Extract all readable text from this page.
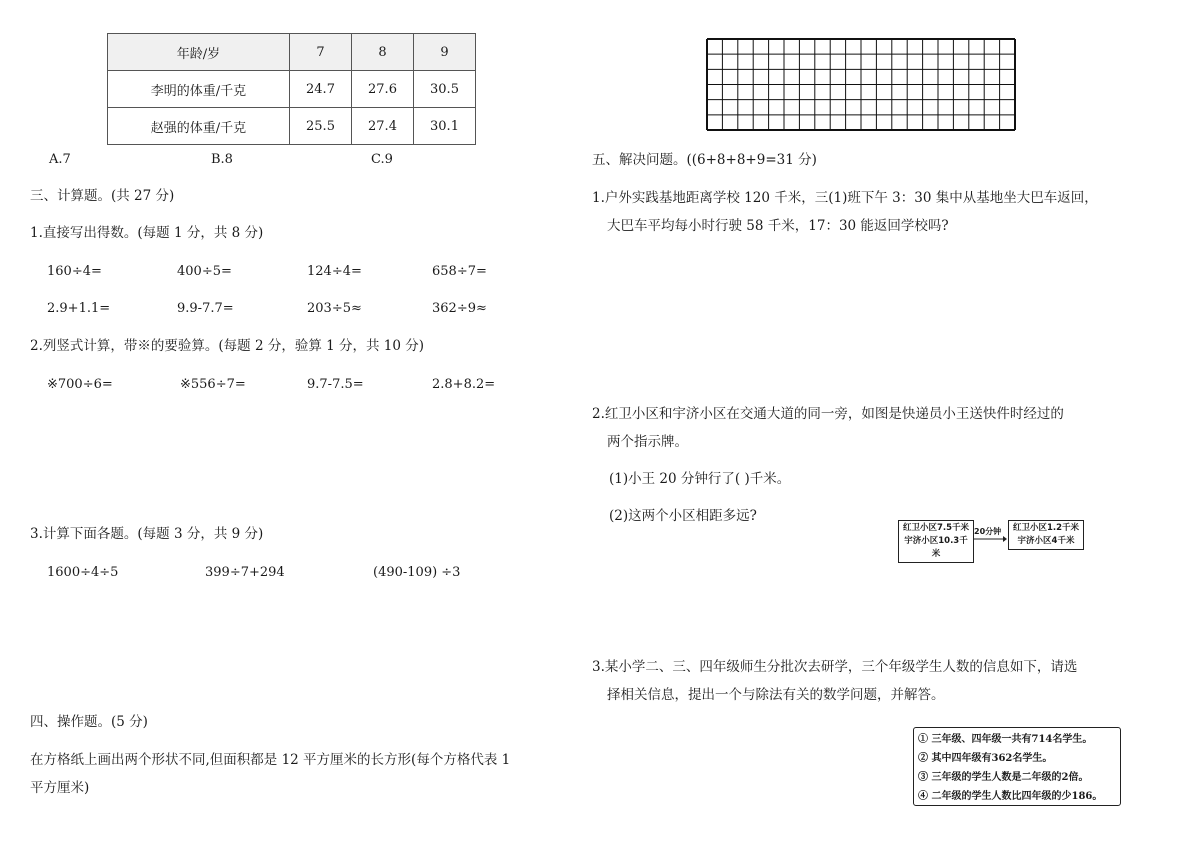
年龄/岁	7	8	9
李明的体重/千克	24.7	27.6	30.5
赵强的体重/千克	25.5	27.4	30.1
A.7	B.8	C.9
三、计算题。(共 27 分)
1.直接写出得数。(每题 1 分，共 8 分)
160÷4=	400÷5=	124÷4=	658÷7=
2.9+1.1=	9.9-7.7=	203÷5≈	362÷9≈
2.列竖式计算，带※的要验算。(每题 2 分，验算 1 分，共 10 分)
※700÷6=	※556÷7=	9.7-7.5=	2.8+8.2=
3.计算下面各题。(每题 3 分，共 9 分)
1600÷4÷5	399÷7+294	(490-109) ÷3
四、操作题。(5 分)
在方格纸上画出两个形状不同,但面积都是 12 平方厘米的长方形(每个方格代表 1
平方厘米)
五、解决问题。((6+8+8+9=31 分)
1.户外实践基地距离学校 120 千米，三(1)班下午 3：30 集中从基地坐大巴车返回，
大巴车平均每小时行驶 58 千米，17：30 能返回学校吗?
2.红卫小区和宇济小区在交通大道的同一旁，如图是快递员小王送快件时经过的
两个指示牌。
(1)小王 20 分钟行了( )千米。
(2)这两个小区相距多远?
红卫小区7.5千米
宇济小区10.3千米
20分钟 红卫小区1.2千米
宇济小区4千米
3.某小学二、三、四年级师生分批次去研学，三个年级学生人数的信息如下，请选
择相关信息，提出一个与除法有关的数学问题，并解答。
① 三年级、四年级一共有714名学生。
② 其中四年级有362名学生。
③ 三年级的学生人数是二年级的2倍。
④ 二年级的学生人数比四年级的少186。
